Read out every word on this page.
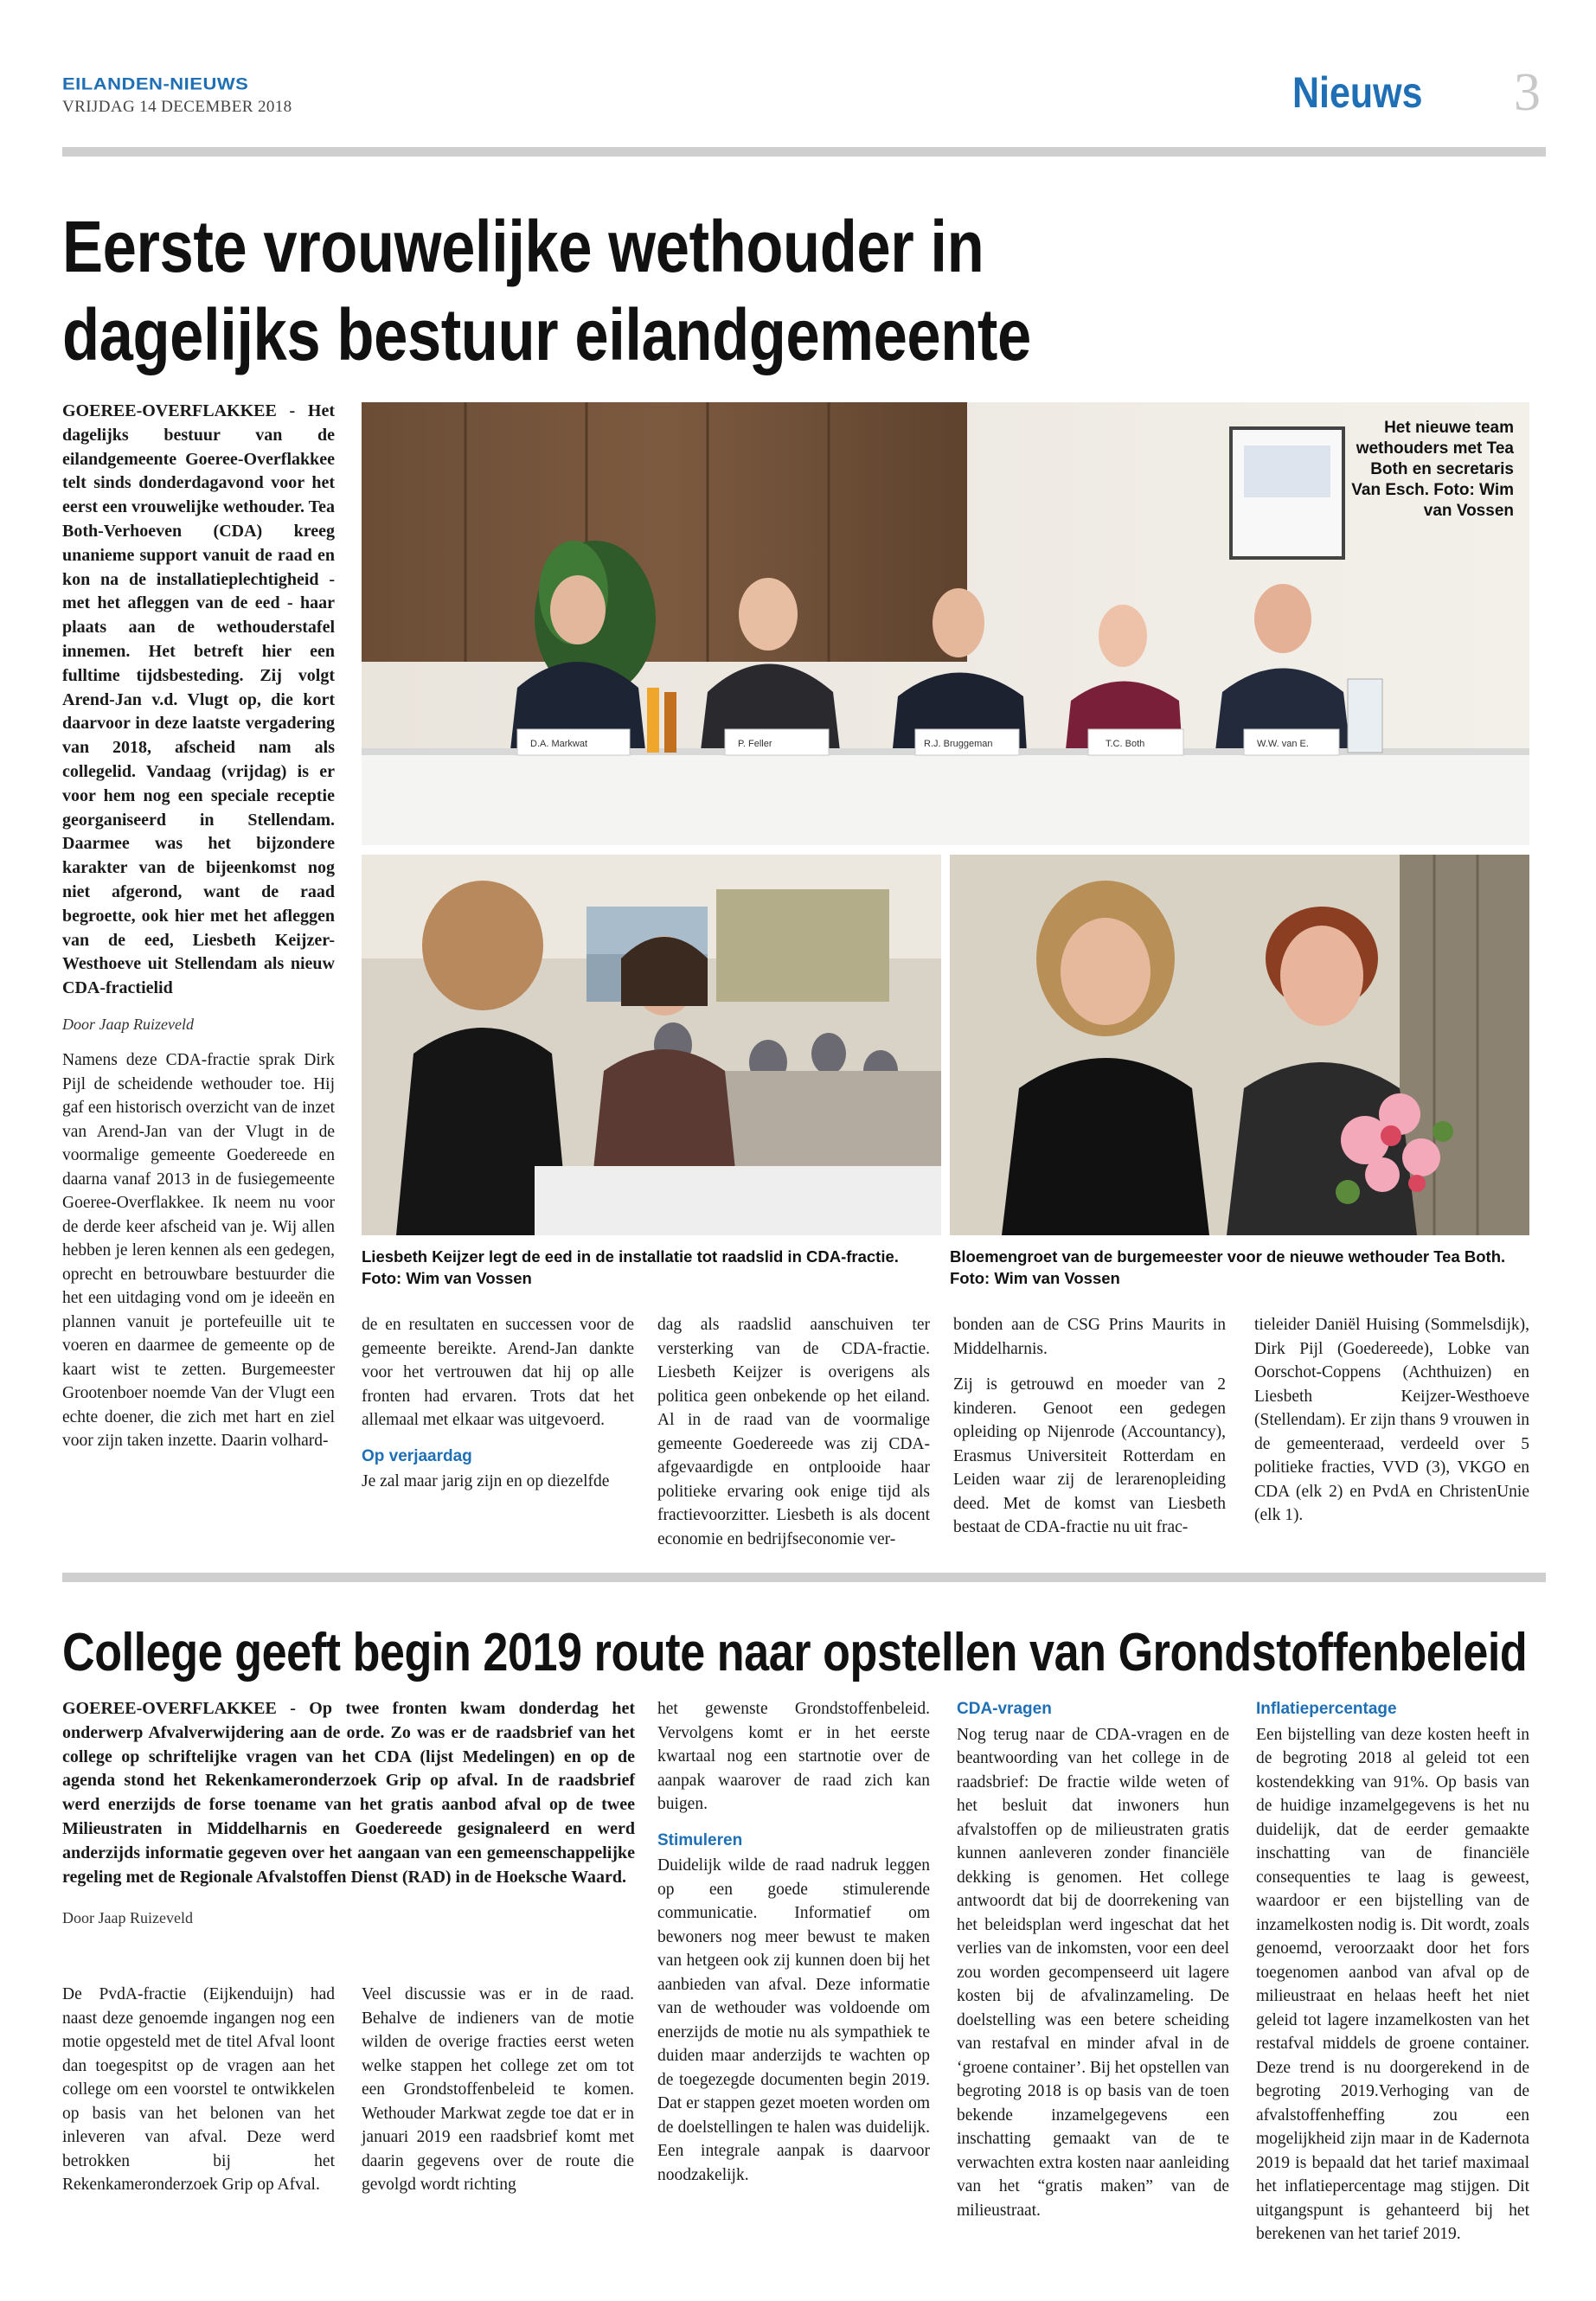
EILANDEN-NIEUWS
VRIJDAG 14 DECEMBER 2018	Nieuws 3
Eerste vrouwelijke wethouder in dagelijks bestuur eilandgemeente

GOEREE-OVERFLAKKEE - Het dagelijks bestuur van de eilandgemeente Goeree-Overflakkee telt sinds donderdagavond voor het eerst een vrouwelijke wethouder. Tea Both-Verhoeven (CDA) kreeg unanieme support vanuit de raad en kon na de installatieplechtigheid - met het afleggen van de eed - haar plaats aan de wethouderstafel innemen. Het betreft hier een fulltime tijdsbesteding. Zij volgt Arend-Jan v.d. Vlugt op, die kort daarvoor in deze laatste vergadering van 2018, afscheid nam als collegelid. Vandaag (vrijdag) is er voor hem nog een speciale receptie georganiseerd in Stellendam. Daarmee was het bijzondere karakter van de bijeenkomst nog niet afgerond, want de raad begroette, ook hier met het afleggen van de eed, Liesbeth Keijzer-Westhoeve uit Stellendam als nieuw CDA-fractielid

Door Jaap Ruizeveld

Namens deze CDA-fractie sprak Dirk Pijl de scheidende wethouder toe. Hij gaf een historisch overzicht van de inzet van Arend-Jan van der Vlugt in de voormalige gemeente Goedereede en daarna vanaf 2013 in de fusiegemeente Goeree-Overflakkee. Ik neem nu voor de derde keer afscheid van je. Wij allen hebben je leren kennen als een gedegen, oprecht en betrouwbare bestuurder die het een uitdaging vond om je ideeën en plannen vanuit je portefeuille uit te voeren en daarmee de gemeente op de kaart wist te zetten. Burgemeester Grootenboer noemde Van der Vlugt een echte doener, die zich met hart en ziel voor zijn taken inzette. Daarin volhard-

D.A. Markwat	P. Feller	R.J. Bruggeman	T.C. Both	W.W. van E.
Het nieuwe team wethouders met Tea Both en secretaris Van Esch. Foto: Wim van Vossen
Liesbeth Keijzer legt de eed in de installatie tot raadslid in CDA-fractie. Foto: Wim van Vossen
Bloemengroet van de burgemeester voor de nieuwe wethouder Tea Both. Foto: Wim van Vossen

de en resultaten en successen voor de gemeente bereikte. Arend-Jan dankte voor het vertrouwen dat hij op alle fronten had ervaren. Trots dat het allemaal met elkaar was uitgevoerd.

Op verjaardag

Je zal maar jarig zijn en op diezelfde

dag als raadslid aanschuiven ter versterking van de CDA-fractie. Liesbeth Keijzer is overigens als politica geen onbekende op het eiland. Al in de raad van de voormalige gemeente Goedereede was zij CDA-afgevaardigde en ontplooide haar politieke ervaring ook enige tijd als fractievoorzitter. Liesbeth is als docent economie en bedrijfseconomie ver-

bonden aan de CSG Prins Maurits in Middelharnis.

Zij is getrouwd en moeder van 2 kinderen. Genoot een gedegen opleiding op Nijenrode (Accountancy), Erasmus Universiteit Rotterdam en Leiden waar zij de lerarenopleiding deed. Met de komst van Liesbeth bestaat de CDA-fractie nu uit frac-

tieleider Daniël Huising (Sommelsdijk), Dirk Pijl (Goedereede), Lobke van Oorschot-Coppens (Achthuizen) en Liesbeth Keijzer-Westhoeve (Stellendam). Er zijn thans 9 vrouwen in de gemeenteraad, verdeeld over 5 politieke fracties, VVD (3), VKGO en CDA (elk 2) en PvdA en ChristenUnie (elk 1).

College geeft begin 2019 route naar opstellen van Grondstoffenbeleid

GOEREE-OVERFLAKKEE - Op twee fronten kwam donderdag het onderwerp Afvalverwijdering aan de orde. Zo was er de raadsbrief van het college op schriftelijke vragen van het CDA (lijst Medelingen) en op de agenda stond het Rekenkameronderzoek Grip op afval. In de raadsbrief werd enerzijds de forse toename van het gratis aanbod afval op de twee Milieustraten in Middelharnis en Goedereede gesignaleerd en werd anderzijds informatie gegeven over het aangaan van een gemeenschappelijke regeling met de Regionale Afvalstoffen Dienst (RAD) in de Hoeksche Waard.

Door Jaap Ruizeveld

De PvdA-fractie (Eijkenduijn) had naast deze genoemde ingangen nog een motie opgesteld met de titel Afval loont dan toegespitst op de vragen aan het college om een voorstel te ontwikkelen op basis van het belonen van het inleveren van afval. Deze werd betrokken bij het Rekenkameronderzoek Grip op Afval.

Veel discussie was er in de raad. Behalve de indieners van de motie wilden de overige fracties eerst weten welke stappen het college zet om tot een Grondstoffenbeleid te komen. Wethouder Markwat zegde toe dat er in januari 2019 een raadsbrief komt met daarin gegevens over de route die gevolgd wordt richting

het gewenste Grondstoffenbeleid. Vervolgens komt er in het eerste kwartaal nog een startnotie over de aanpak waarover de raad zich kan buigen.

Stimuleren

Duidelijk wilde de raad nadruk leggen op een goede stimulerende communicatie. Informatief om bewoners nog meer bewust te maken van hetgeen ook zij kunnen doen bij het aanbieden van afval. Deze informatie van de wethouder was voldoende om enerzijds de motie nu als sympathiek te duiden maar anderzijds te wachten op de toegezegde documenten begin 2019. Dat er stappen gezet moeten worden om de doelstellingen te halen was duidelijk. Een integrale aanpak is daarvoor noodzakelijk.

CDA-vragen

Nog terug naar de CDA-vragen en de beantwoording van het college in de raadsbrief: De fractie wilde weten of het besluit dat inwoners hun afvalstoffen op de milieustraten gratis kunnen aanleveren zonder financiële dekking is genomen. Het college antwoordt dat bij de doorrekening van het beleidsplan werd ingeschat dat het verlies van de inkomsten, voor een deel zou worden gecompenseerd uit lagere kosten bij de afvalinzameling. De doelstelling was een betere scheiding van restafval en minder afval in de ‘groene container’. Bij het opstellen van begroting 2018 is op basis van de toen bekende inzamelgegevens een inschatting gemaakt van de te verwachten extra kosten naar aanleiding van het “gratis maken” van de milieustraat.

Inflatiepercentage

Een bijstelling van deze kosten heeft in de begroting 2018 al geleid tot een kostendekking van 91%. Op basis van de huidige inzamelgegevens is het nu duidelijk, dat de eerder gemaakte inschatting van de financiële consequenties te laag is geweest, waardoor er een bijstelling van de inzamelkosten nodig is. Dit wordt, zoals genoemd, veroorzaakt door het fors toegenomen aanbod van afval op de milieustraat en helaas heeft het niet geleid tot lagere inzamelkosten van het restafval middels de groene container. Deze trend is nu doorgerekend in de begroting 2019.Verhoging van de afvalstoffenheffing zou een mogelijkheid zijn maar in de Kadernota 2019 is bepaald dat het tarief maximaal het inflatiepercentage mag stijgen. Dit uitgangspunt is gehanteerd bij het berekenen van het tarief 2019.
